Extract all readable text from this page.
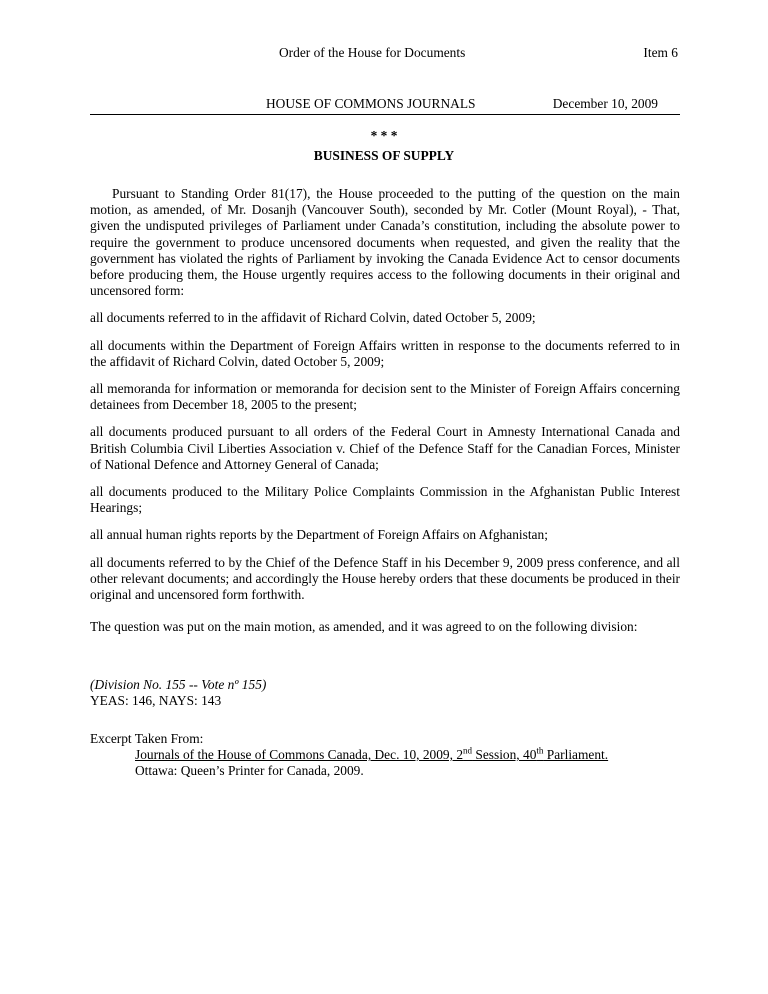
Order of the House for Documents	Item 6
HOUSE OF COMMONS JOURNALS	December 10, 2009
* * *
BUSINESS OF SUPPLY

Pursuant to Standing Order 81(17), the House proceeded to the putting of the question on the main motion, as amended, of Mr. Dosanjh (Vancouver South), seconded by Mr. Cotler (Mount Royal), - That, given the undisputed privileges of Parliament under Canada’s constitution, including the absolute power to require the government to produce uncensored documents when requested, and given the reality that the government has violated the rights of Parliament by invoking the Canada Evidence Act to censor documents before producing them, the House urgently requires access to the following documents in their original and uncensored form:

all documents referred to in the affidavit of Richard Colvin, dated October 5, 2009;

all documents within the Department of Foreign Affairs written in response to the documents referred to in the affidavit of Richard Colvin, dated October 5, 2009;

all memoranda for information or memoranda for decision sent to the Minister of Foreign Affairs concerning detainees from December 18, 2005 to the present;

all documents produced pursuant to all orders of the Federal Court in Amnesty International Canada and British Columbia Civil Liberties Association v. Chief of the Defence Staff for the Canadian Forces, Minister of National Defence and Attorney General of Canada;

all documents produced to the Military Police Complaints Commission in the Afghanistan Public Interest Hearings;

all annual human rights reports by the Department of Foreign Affairs on Afghanistan;

all documents referred to by the Chief of the Defence Staff in his December 9, 2009 press conference, and all other relevant documents; and accordingly the House hereby orders that these documents be produced in their original and uncensored form forthwith.

The question was put on the main motion, as amended, and it was agreed to on the following division:

(Division No. 155 -- Vote nº 155)
YEAS: 146, NAYS: 143
Excerpt Taken From:
Journals of the House of Commons Canada, Dec. 10, 2009, 2nd Session, 40th Parliament.
Ottawa: Queen’s Printer for Canada, 2009.
